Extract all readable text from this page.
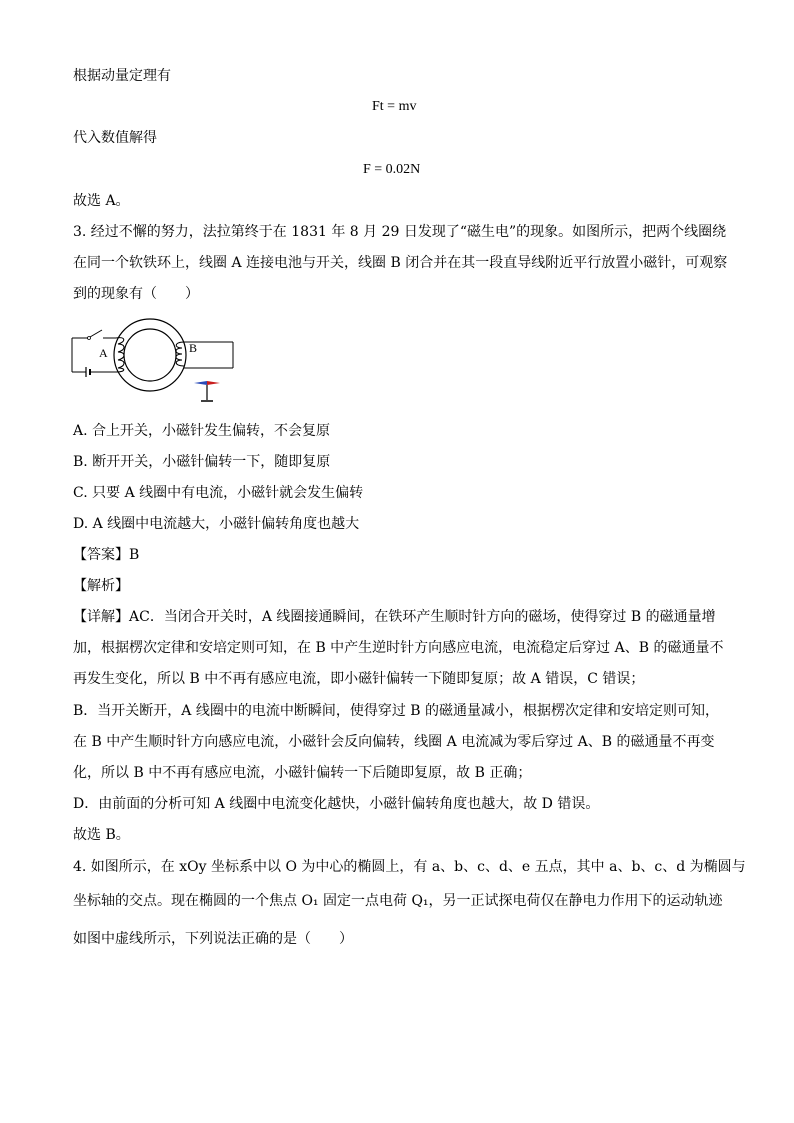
根据动量定理有
Ft = mv
代入数值解得
F = 0.02N
故选 A。
3. 经过不懈的努力，法拉第终于在 1831 年 8 月 29 日发现了“磁生电”的现象。如图所示，把两个线圈绕
在同一个软铁环上，线圈 A 连接电池与开关，线圈 B 闭合并在其一段直导线附近平行放置小磁针，可观察
到的现象有（　　）
A	B
A. 合上开关，小磁针发生偏转，不会复原
B. 断开开关，小磁针偏转一下，随即复原
C. 只要 A 线圈中有电流，小磁针就会发生偏转
D. A 线圈中电流越大，小磁针偏转角度也越大
【答案】B
【解析】
【详解】AC．当闭合开关时，A 线圈接通瞬间，在铁环产生顺时针方向的磁场，使得穿过 B 的磁通量增
加，根据楞次定律和安培定则可知，在 B 中产生逆时针方向感应电流，电流稳定后穿过 A、B 的磁通量不
再发生变化，所以 B 中不再有感应电流，即小磁针偏转一下随即复原；故 A 错误，C 错误；
B．当开关断开，A 线圈中的电流中断瞬间，使得穿过 B 的磁通量减小，根据楞次定律和安培定则可知，
在 B 中产生顺时针方向感应电流，小磁针会反向偏转，线圈 A 电流减为零后穿过 A、B 的磁通量不再变
化，所以 B 中不再有感应电流，小磁针偏转一下后随即复原，故 B 正确；
D．由前面的分析可知 A 线圈中电流变化越快，小磁针偏转角度也越大，故 D 错误。
故选 B。
4. 如图所示，在 xOy 坐标系中以 O 为中心的椭圆上，有 a、b、c、d、e 五点，其中 a、b、c、d 为椭圆与
坐标轴的交点。现在椭圆的一个焦点 O₁ 固定一点电荷 Q₁，另一正试探电荷仅在静电力作用下的运动轨迹
如图中虚线所示，下列说法正确的是（　　）
